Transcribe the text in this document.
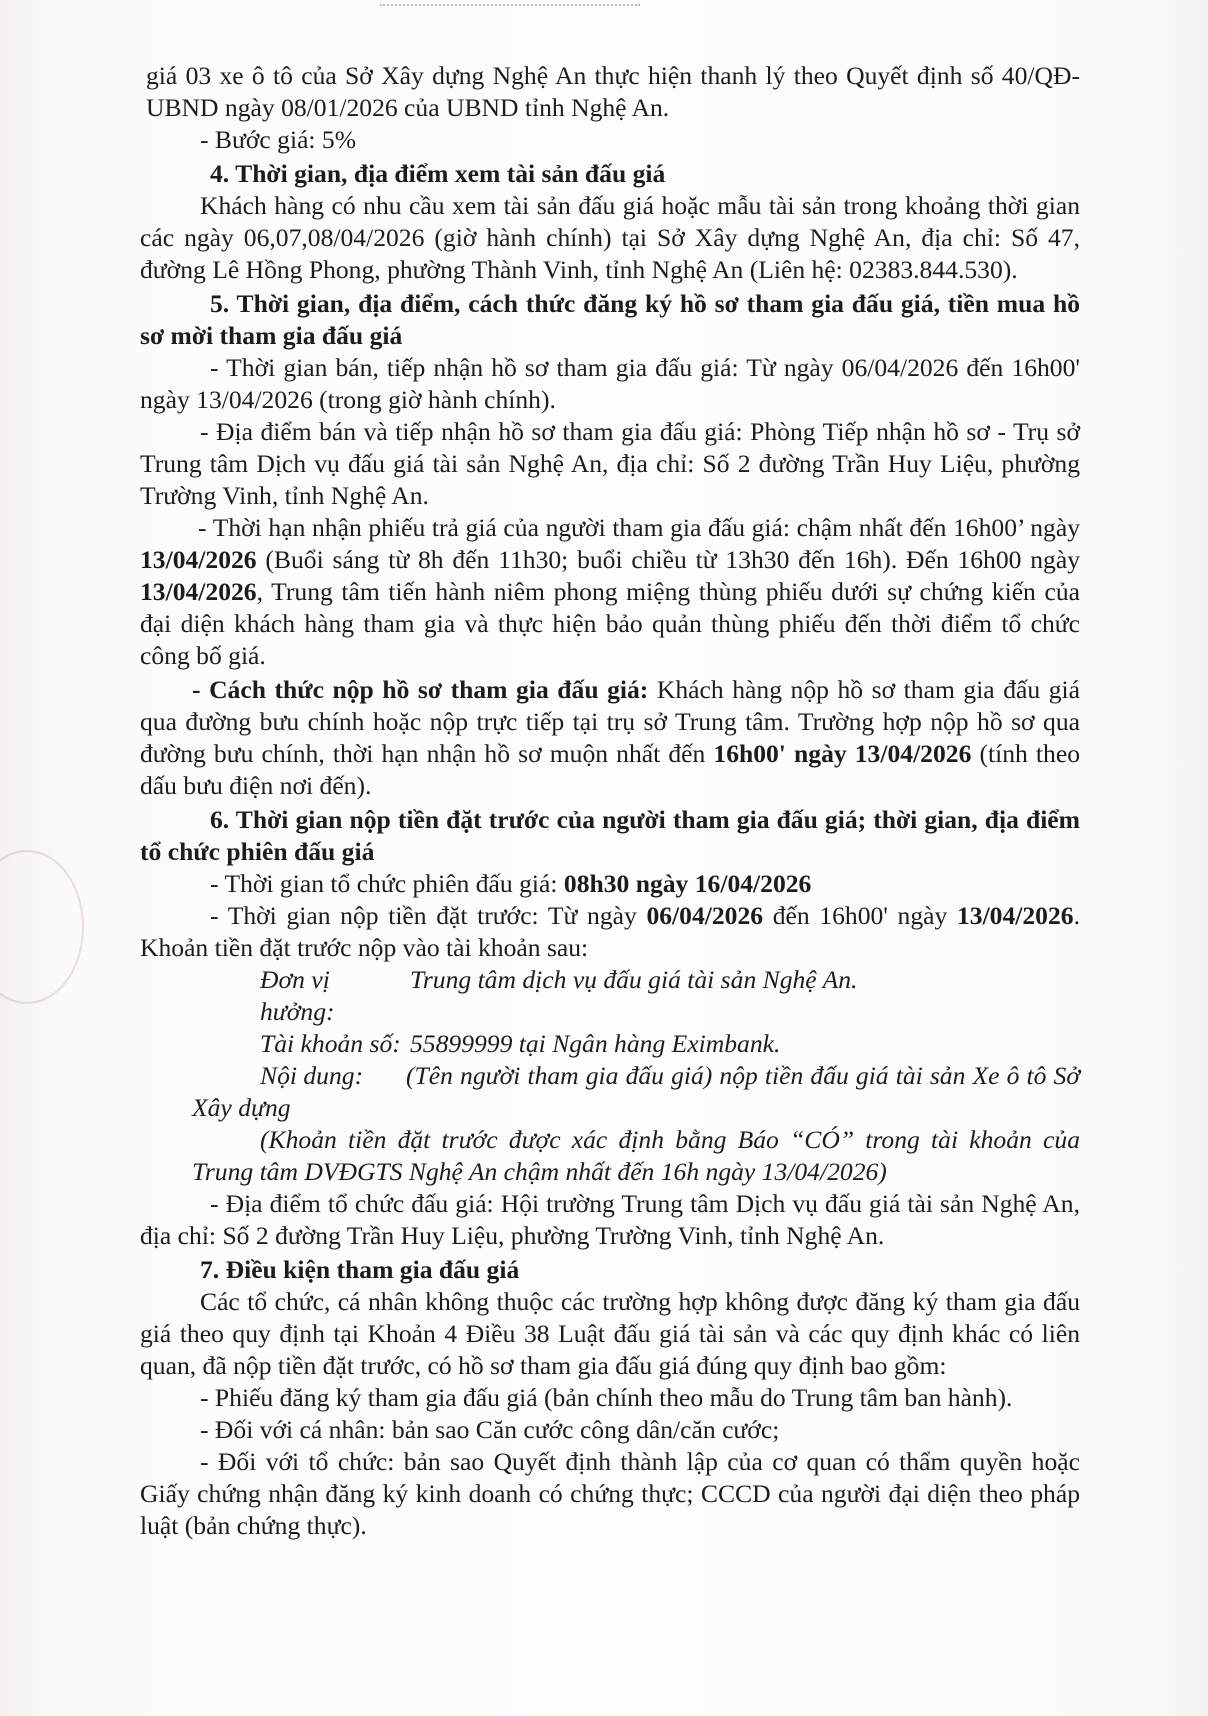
giá 03 xe ô tô của Sở Xây dựng Nghệ An thực hiện thanh lý theo Quyết định số 40/QĐ-UBND ngày 08/01/2026 của UBND tỉnh Nghệ An.

- Bước giá: 5%

4. Thời gian, địa điểm xem tài sản đấu giá

Khách hàng có nhu cầu xem tài sản đấu giá hoặc mẫu tài sản trong khoảng thời gian các ngày 06,07,08/04/2026 (giờ hành chính) tại Sở Xây dựng Nghệ An, địa chỉ: Số 47, đường Lê Hồng Phong, phường Thành Vinh, tỉnh Nghệ An (Liên hệ: 02383.844.530).

5. Thời gian, địa điểm, cách thức đăng ký hồ sơ tham gia đấu giá, tiền mua hồ sơ mời tham gia đấu giá

- Thời gian bán, tiếp nhận hồ sơ tham gia đấu giá: Từ ngày 06/04/2026 đến 16h00' ngày 13/04/2026 (trong giờ hành chính).

- Địa điểm bán và tiếp nhận hồ sơ tham gia đấu giá: Phòng Tiếp nhận hồ sơ - Trụ sở Trung tâm Dịch vụ đấu giá tài sản Nghệ An, địa chỉ: Số 2 đường Trần Huy Liệu, phường Trường Vinh, tỉnh Nghệ An.

- Thời hạn nhận phiếu trả giá của người tham gia đấu giá: chậm nhất đến 16h00’ ngày 13/04/2026 (Buổi sáng từ 8h đến 11h30; buổi chiều từ 13h30 đến 16h). Đến 16h00 ngày 13/04/2026, Trung tâm tiến hành niêm phong miệng thùng phiếu dưới sự chứng kiến của đại diện khách hàng tham gia và thực hiện bảo quản thùng phiếu đến thời điểm tổ chức công bố giá.

- Cách thức nộp hồ sơ tham gia đấu giá: Khách hàng nộp hồ sơ tham gia đấu giá qua đường bưu chính hoặc nộp trực tiếp tại trụ sở Trung tâm. Trường hợp nộp hồ sơ qua đường bưu chính, thời hạn nhận hồ sơ muộn nhất đến 16h00' ngày 13/04/2026 (tính theo dấu bưu điện nơi đến).

6. Thời gian nộp tiền đặt trước của người tham gia đấu giá; thời gian, địa điểm tổ chức phiên đấu giá

- Thời gian tổ chức phiên đấu giá: 08h30 ngày 16/04/2026

- Thời gian nộp tiền đặt trước: Từ ngày 06/04/2026 đến 16h00' ngày 13/04/2026. Khoản tiền đặt trước nộp vào tài khoản sau:

Đơn vị hưởng:
Trung tâm dịch vụ đấu giá tài sản Nghệ An.
Tài khoản số: 55899999 tại Ngân hàng Eximbank.

Nội dung: (Tên người tham gia đấu giá) nộp tiền đấu giá tài sản Xe ô tô Sở Xây dựng

(Khoản tiền đặt trước được xác định bằng Báo “CÓ” trong tài khoản của Trung tâm DVĐGTS Nghệ An chậm nhất đến 16h ngày 13/04/2026)

- Địa điểm tổ chức đấu giá: Hội trường Trung tâm Dịch vụ đấu giá tài sản Nghệ An, địa chỉ: Số 2 đường Trần Huy Liệu, phường Trường Vinh, tỉnh Nghệ An.

7. Điều kiện tham gia đấu giá

Các tổ chức, cá nhân không thuộc các trường hợp không được đăng ký tham gia đấu giá theo quy định tại Khoản 4 Điều 38 Luật đấu giá tài sản và các quy định khác có liên quan, đã nộp tiền đặt trước, có hồ sơ tham gia đấu giá đúng quy định bao gồm:

- Phiếu đăng ký tham gia đấu giá (bản chính theo mẫu do Trung tâm ban hành).

- Đối với cá nhân: bản sao Căn cước công dân/căn cước;

- Đối với tổ chức: bản sao Quyết định thành lập của cơ quan có thẩm quyền hoặc Giấy chứng nhận đăng ký kinh doanh có chứng thực; CCCD của người đại diện theo pháp luật (bản chứng thực).
